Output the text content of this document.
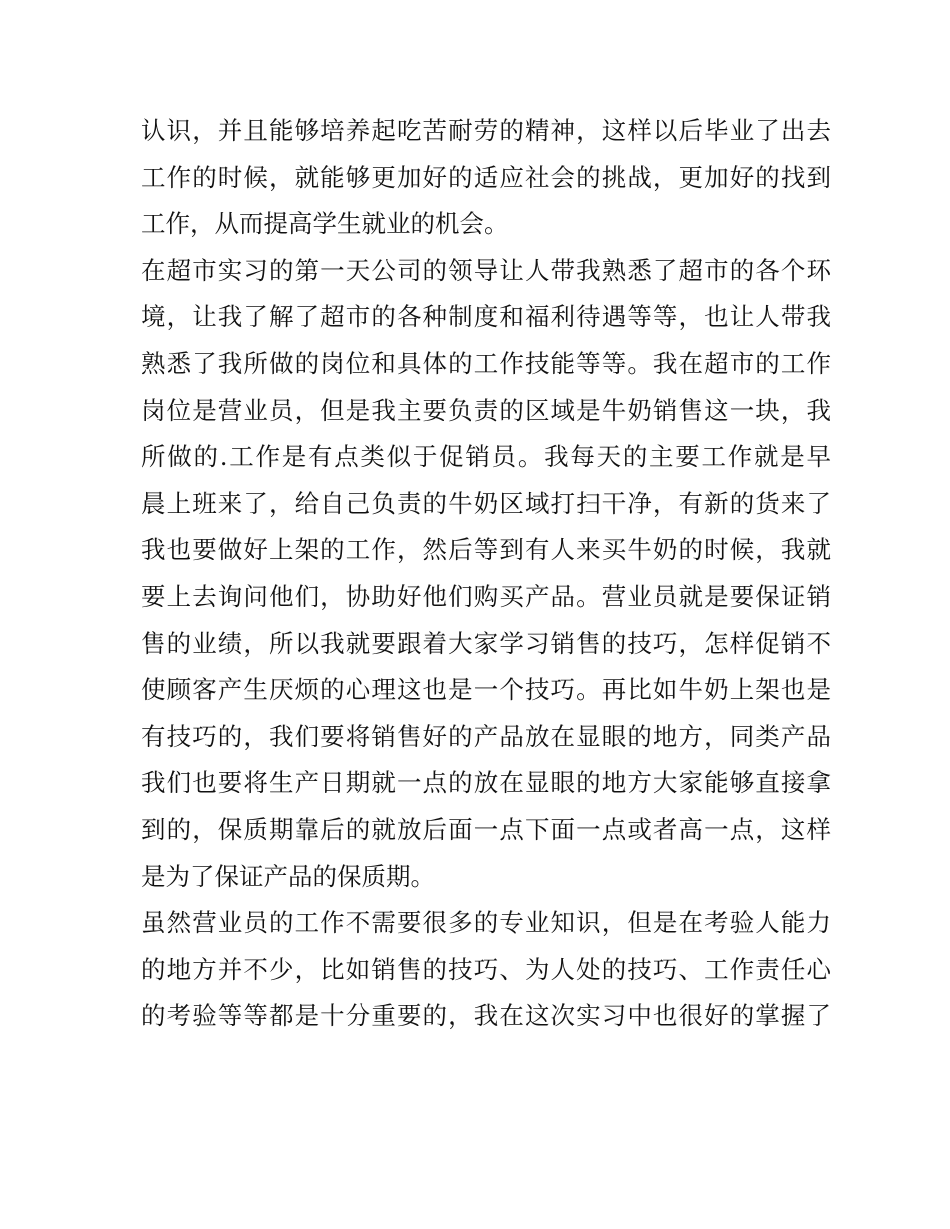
认识，并且能够培养起吃苦耐劳的精神，这样以后毕业了出去
工作的时候，就能够更加好的适应社会的挑战，更加好的找到
工作，从而提高学生就业的机会。
在超市实习的第一天公司的领导让人带我熟悉了超市的各个环
境，让我了解了超市的各种制度和福利待遇等等，也让人带我
熟悉了我所做的岗位和具体的工作技能等等。我在超市的工作
岗位是营业员，但是我主要负责的区域是牛奶销售这一块，我
所做的.工作是有点类似于促销员。我每天的主要工作就是早
晨上班来了，给自己负责的牛奶区域打扫干净，有新的货来了
我也要做好上架的工作，然后等到有人来买牛奶的时候，我就
要上去询问他们，协助好他们购买产品。营业员就是要保证销
售的业绩，所以我就要跟着大家学习销售的技巧，怎样促销不
使顾客产生厌烦的心理这也是一个技巧。再比如牛奶上架也是
有技巧的，我们要将销售好的产品放在显眼的地方，同类产品
我们也要将生产日期就一点的放在显眼的地方大家能够直接拿
到的，保质期靠后的就放后面一点下面一点或者高一点，这样
是为了保证产品的保质期。
虽然营业员的工作不需要很多的专业知识，但是在考验人能力
的地方并不少，比如销售的技巧、为人处的技巧、工作责任心
的考验等等都是十分重要的，我在这次实习中也很好的掌握了
